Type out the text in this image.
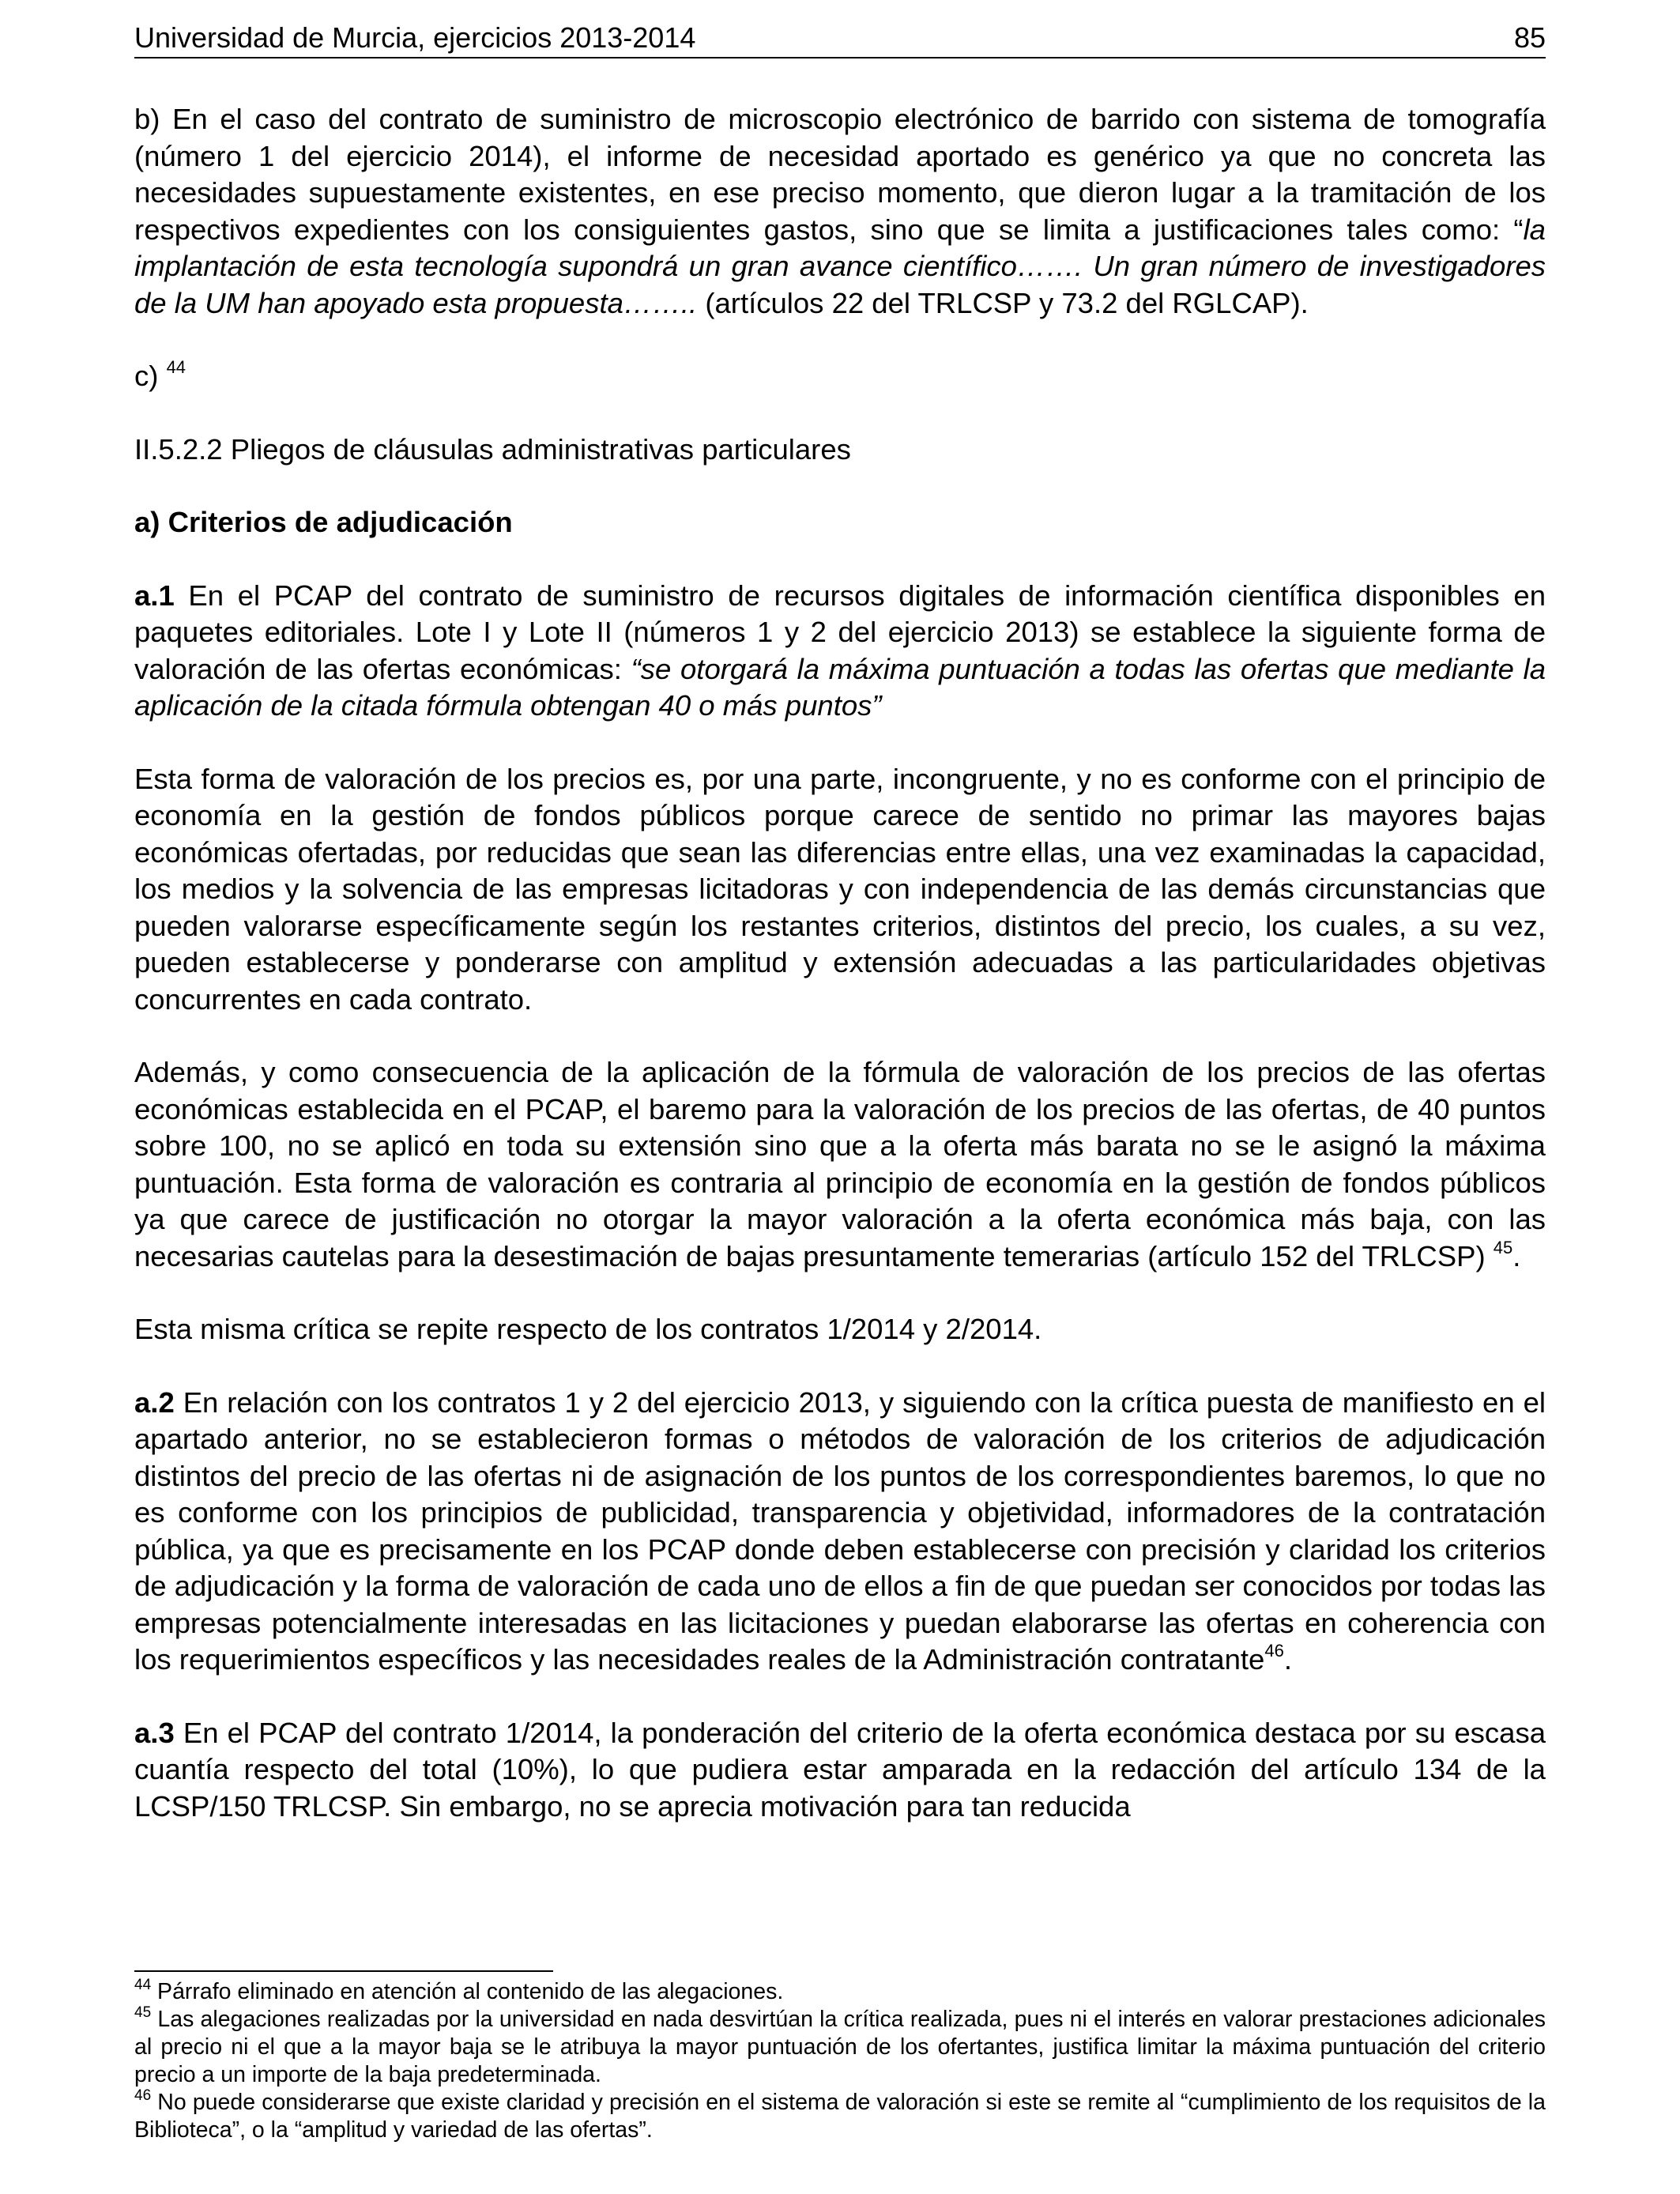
Universidad de Murcia, ejercicios 2013-2014	85

b) En el caso del contrato de suministro de microscopio electrónico de barrido con sistema de tomografía (número 1 del ejercicio 2014), el informe de necesidad aportado es genérico ya que no concreta las necesidades supuestamente existentes, en ese preciso momento, que dieron lugar a la tramitación de los respectivos expedientes con los consiguientes gastos, sino que se limita a justificaciones tales como: “la implantación de esta tecnología supondrá un gran avance científico……. Un gran número de investigadores de la UM han apoyado esta propuesta…….. (artículos 22 del TRLCSP y 73.2 del RGLCAP).

c) $^{44}$

II.5.2.2 Pliegos de cláusulas administrativas particulares

a) Criterios de adjudicación

a.1 En el PCAP del contrato de suministro de recursos digitales de información científica disponibles en paquetes editoriales. Lote I y Lote II (números 1 y 2 del ejercicio 2013) se establece la siguiente forma de valoración de las ofertas económicas: “se otorgará la máxima puntuación a todas las ofertas que mediante la aplicación de la citada fórmula obtengan 40 o más puntos”

Esta forma de valoración de los precios es, por una parte, incongruente, y no es conforme con el principio de economía en la gestión de fondos públicos porque carece de sentido no primar las mayores bajas económicas ofertadas, por reducidas que sean las diferencias entre ellas, una vez examinadas la capacidad, los medios y la solvencia de las empresas licitadoras y con independencia de las demás circunstancias que pueden valorarse específicamente según los restantes criterios, distintos del precio, los cuales, a su vez, pueden establecerse y ponderarse con amplitud y extensión adecuadas a las particularidades objetivas concurrentes en cada contrato.

Además, y como consecuencia de la aplicación de la fórmula de valoración de los precios de las ofertas económicas establecida en el PCAP, el baremo para la valoración de los precios de las ofertas, de 40 puntos sobre 100, no se aplicó en toda su extensión sino que a la oferta más barata no se le asignó la máxima puntuación. Esta forma de valoración es contraria al principio de economía en la gestión de fondos públicos ya que carece de justificación no otorgar la mayor valoración a la oferta económica más baja, con las necesarias cautelas para la desestimación de bajas presuntamente temerarias (artículo 152 del TRLCSP) $^{45}$.

Esta misma crítica se repite respecto de los contratos 1/2014 y 2/2014.

a.2 En relación con los contratos 1 y 2 del ejercicio 2013, y siguiendo con la crítica puesta de manifiesto en el apartado anterior, no se establecieron formas o métodos de valoración de los criterios de adjudicación distintos del precio de las ofertas ni de asignación de los puntos de los correspondientes baremos, lo que no es conforme con los principios de publicidad, transparencia y objetividad, informadores de la contratación pública, ya que es precisamente en los PCAP donde deben establecerse con precisión y claridad los criterios de adjudicación y la forma de valoración de cada uno de ellos a fin de que puedan ser conocidos por todas las empresas potencialmente interesadas en las licitaciones y puedan elaborarse las ofertas en coherencia con los requerimientos específicos y las necesidades reales de la Administración contratante$^{46}$.

a.3 En el PCAP del contrato 1/2014, la ponderación del criterio de la oferta económica destaca por su escasa cuantía respecto del total (10%), lo que pudiera estar amparada en la redacción del artículo 134 de la LCSP/150 TRLCSP. Sin embargo, no se aprecia motivación para tan reducida

$^{44}$ Párrafo eliminado en atención al contenido de las alegaciones.

$^{45}$ Las alegaciones realizadas por la universidad en nada desvirtúan la crítica realizada, pues ni el interés en valorar prestaciones adicionales al precio ni el que a la mayor baja se le atribuya la mayor puntuación de los ofertantes, justifica limitar la máxima puntuación del criterio precio a un importe de la baja predeterminada.

$^{46}$ No puede considerarse que existe claridad y precisión en el sistema de valoración si este se remite al “cumplimiento de los requisitos de la Biblioteca”, o la “amplitud y variedad de las ofertas”.
